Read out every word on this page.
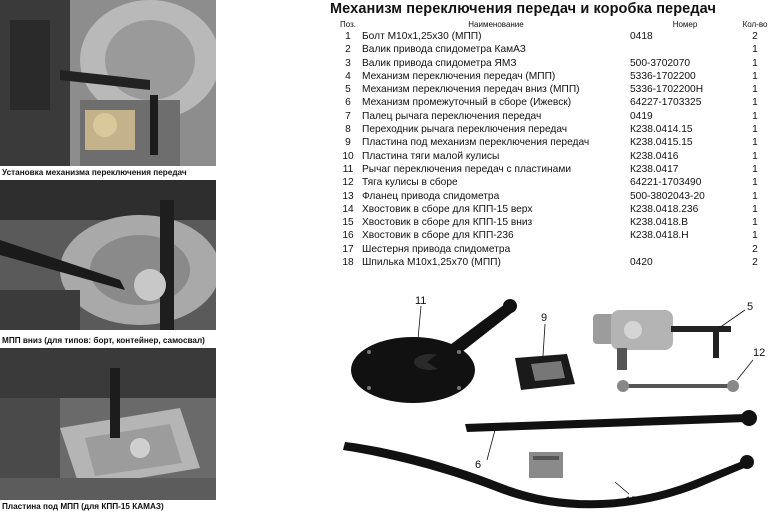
Установка механизма переключения передач
МПП вниз (для типов: борт, контейнер, самосвал)
Пластина под МПП (для КПП-15 КАМАЗ)
Механизм переключения передач и коробка передач
Поз.	Наименование	Номер	Кол-во
1	Болт М10х1,25х30 (МПП)	0418	2
2	Валик привода спидометра КамАЗ		1
3	Валик привода спидометра ЯМЗ	500-3702070	1
4	Механизм переключения передач (МПП)	5336-1702200	1
5	Механизм переключения передач вниз (МПП)	5336-1702200Н	1
6	Механизм промежуточный в сборе (Ижевск)	64227-1703325	1
7	Палец рычага переключения передач	0419	1
8	Переходник рычага переключения передач	К238.0414.15	1
9	Пластина под механизм переключения передач	К238.0415.15	1
10	Пластина тяги малой кулисы	К238.0416	1
11	Рычаг переключения передач с пластинами	К238.0417	1
12	Тяга кулисы в сборе	64221-1703490	1
13	Фланец привода спидометра	500-3802043-20	1
14	Хвостовик в сборе для КПП-15 верх	К238.0418.236	1
15	Хвостовик в сборе для КПП-15 вниз	К238.0418.В	1
16	Хвостовик в сборе для КПП-236	К238.0418.Н	1
17	Шестерня привода спидометра		2
18	Шпилька М10х1,25х70 (МПП)	0420	2
11
9
5
12
6
15
